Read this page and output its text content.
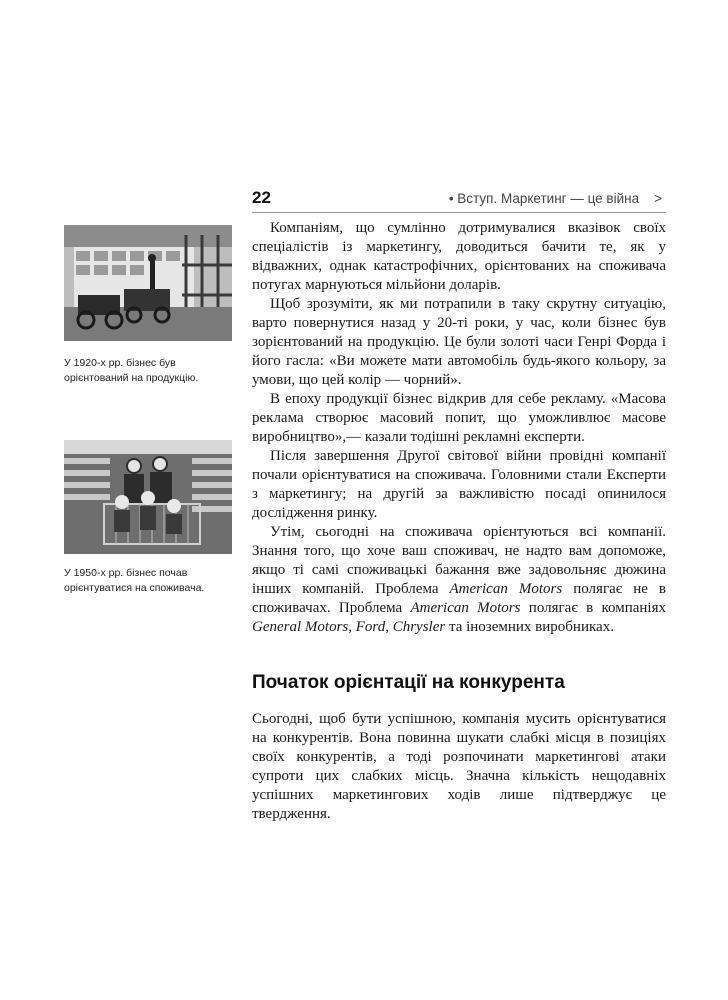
22	• Вступ. Маркетинг — це війна >
У 1920-х рр. бізнес був орієнтований на продукцію.
У 1950-х рр. бізнес почав орієнтуватися на споживача.

Компаніям, що сумлінно дотримувалися вказівок своїх спеціалістів із маркетингу, доводиться бачити те, як у відважних, однак катастрофічних, орієнтованих на споживача потугах марнуються мільйони доларів.

Щоб зрозуміти, як ми потрапили в таку скрутну ситуацію, варто повернутися назад у 20-ті роки, у час, коли бізнес був зорієнтований на продукцію. Це були золоті часи Генрі Форда і його гасла: «Ви можете мати автомобіль будь-якого кольору, за умови, що цей колір — чорний».

В епоху продукції бізнес відкрив для себе рекламу. «Масова реклама створює масовий попит, що уможливлює масове виробництво»,— казали тодішні рекламні експерти.

Після завершення Другої світової війни провідні компанії почали орієнтуватися на споживача. Головними стали Експерти з маркетингу; на другій за важливістю посаді опинилося дослідження ринку.

Утім, сьогодні на споживача орієнтуються всі компанії. Знання того, що хоче ваш споживач, не надто вам допоможе, якщо ті самі споживацькі бажання вже задовольняє дюжина інших компаній. Проблема American Motors полягає не в споживачах. Проблема American Motors полягає в компаніях General Motors, Ford, Chrysler та іноземних виробниках.

Початок орієнтації на конкурента

Сьогодні, щоб бути успішною, компанія мусить орієнтуватися на конкурентів. Вона повинна шукати слабкі місця в позиціях своїх конкурентів, а тоді розпочинати маркетингові атаки супроти цих слабких місць. Значна кількість нещодавніх успішних маркетингових ходів лише підтверджує це твердження.
